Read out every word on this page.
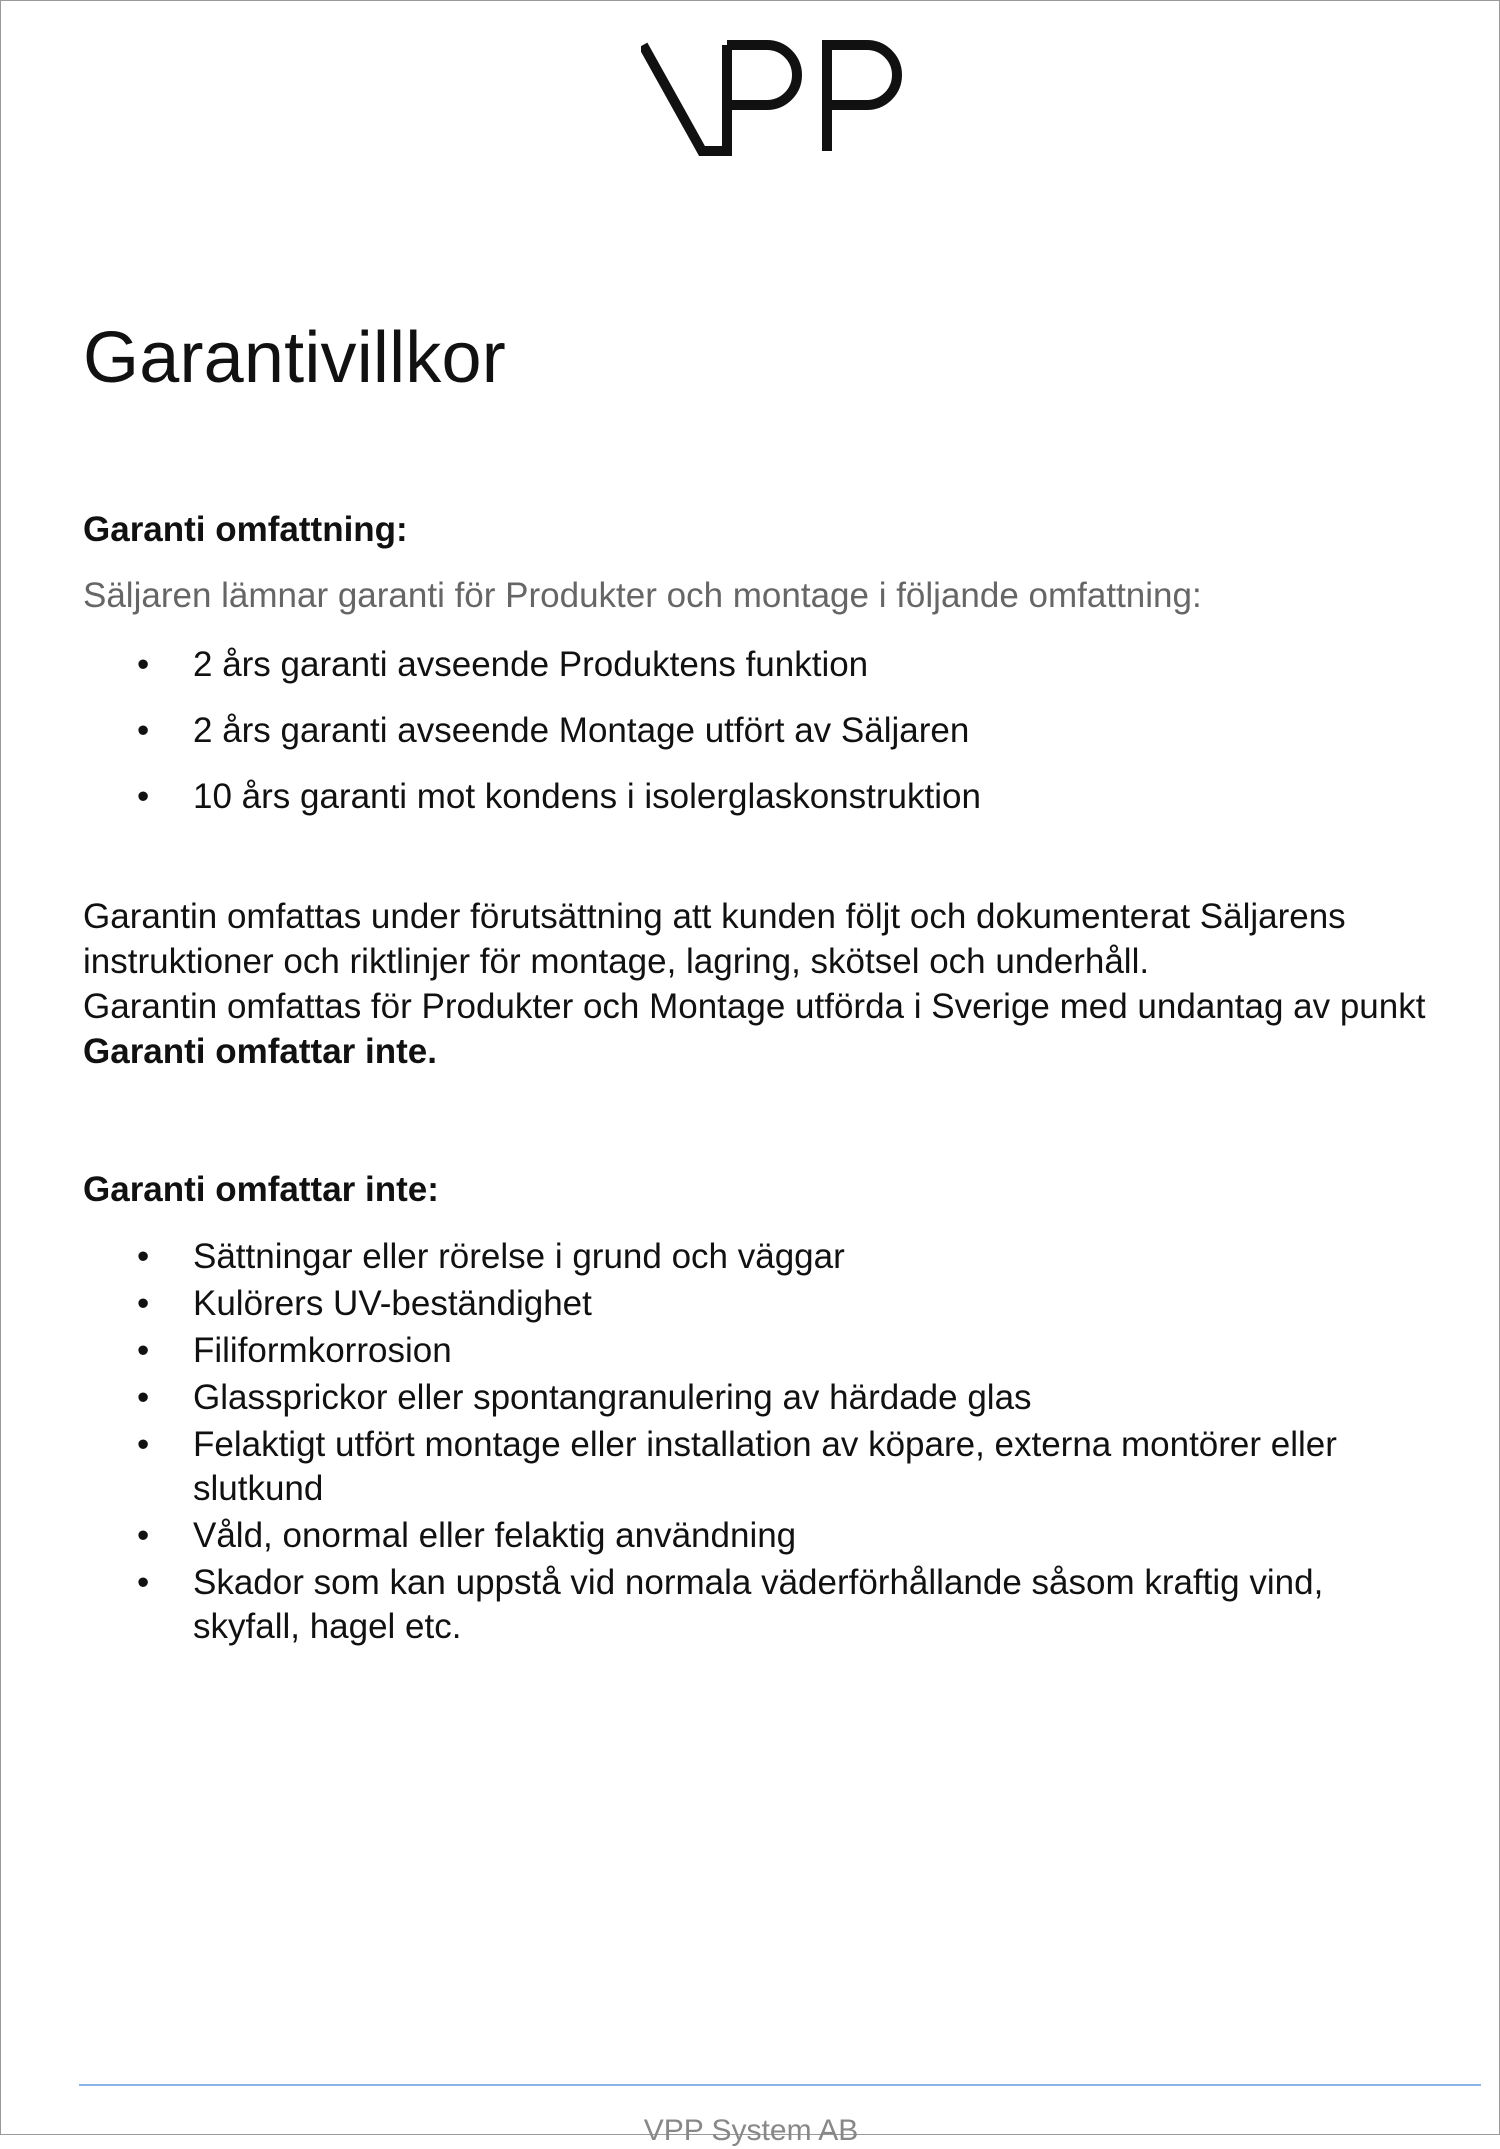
Garantivillkor
Garanti omfattning:

Säljaren lämnar garanti för Produkter och montage i följande omfattning:

• 2 års garanti avseende Produktens funktion
• 2 års garanti avseende Montage utfört av Säljaren
• 10 års garanti mot kondens i isolerglaskonstruktion

Garantin omfattas under förutsättning att kunden följt och dokumenterat Säljarens instruktioner och riktlinjer för montage, lagring, skötsel och underhåll.
Garantin omfattas för Produkter och Montage utförda i Sverige med undantag av punkt Garanti omfattar inte.

Garanti omfattar inte:
• Sättningar eller rörelse i grund och väggar
• Kulörers UV-beständighet
• Filiformkorrosion
• Glassprickor eller spontangranulering av härdade glas
• Felaktigt utfört montage eller installation av köpare, externa montörer eller slutkund
• Våld, onormal eller felaktig användning
• Skador som kan uppstå vid normala väderförhållande såsom kraftig vind, skyfall, hagel etc.
VPP System AB
